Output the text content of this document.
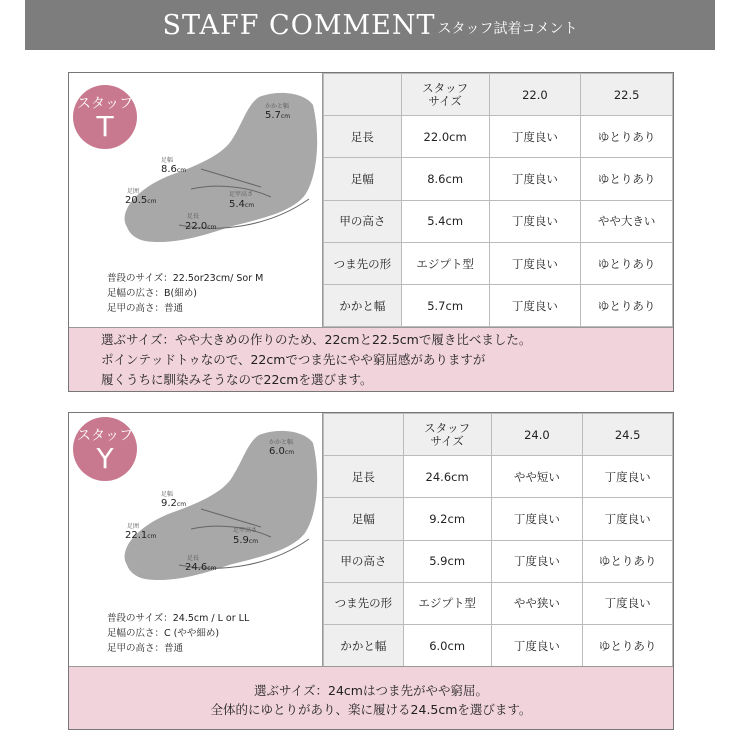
STAFF COMMENT スタッフ試着コメント
スタッフ
T
かかと幅
5.7cm
足幅
8.6cm
足囲
20.5cm
足甲高さ
5.4cm
足長
22.0cm
普段のサイズ：22.5or23cm/ Sor M
足幅の広さ：B(細め)
足甲の高さ：普通
	スタッフ
サイズ	22.0	22.5
足長	22.0cm	丁度良い	ゆとりあり
足幅	8.6cm	丁度良い	ゆとりあり
甲の高さ	5.4cm	丁度良い	やや大きい
つま先の形	エジプト型	丁度良い	ゆとりあり
かかと幅	5.7cm	丁度良い	ゆとりあり
選ぶサイズ：やや大きめの作りのため、22cmと22.5cmで履き比べました。
ポインテッドトゥなので、22cmでつま先にやや窮屈感がありますが
履くうちに馴染みそうなので22cmを選びます。
スタッフ
Y	かかと幅
6.0cm
足幅
9.2cm
足囲
22.1cm
足甲高さ
5.9cm
足長
24.6cm
普段のサイズ：24.5cm / L or LL
足幅の広さ：C (やや細め)
足甲の高さ：普通
	スタッフ
サイズ	24.0	24.5
足長	24.6cm	やや短い	丁度良い
足幅	9.2cm	丁度良い	丁度良い
甲の高さ	5.9cm	丁度良い	ゆとりあり
つま先の形	エジプト型	やや狭い	丁度良い
かかと幅	6.0cm	丁度良い	ゆとりあり
選ぶサイズ：24cmはつま先がやや窮屈。
全体的にゆとりがあり、楽に履ける24.5cmを選びます。
